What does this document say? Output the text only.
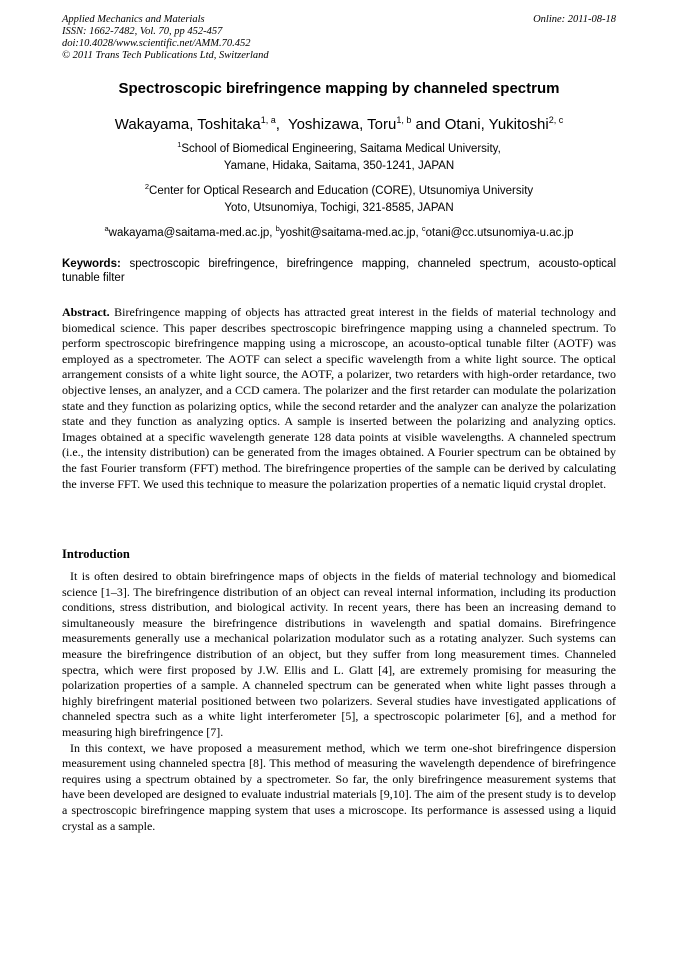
Applied Mechanics and Materials
ISSN: 1662-7482, Vol. 70, pp 452-457
doi:10.4028/www.scientific.net/AMM.70.452
© 2011 Trans Tech Publications Ltd, Switzerland
Online: 2011-08-18
Spectroscopic birefringence mapping by channeled spectrum
Wakayama, Toshitaka$^{1, a}$,  Yoshizawa, Toru$^{1, b}$ and Otani, Yukitoshi$^{2, c}$
$^1$School of Biomedical Engineering, Saitama Medical University,
Yamane, Hidaka, Saitama, 350-1241, JAPAN
$^2$Center for Optical Research and Education (CORE), Utsunomiya University
Yoto, Utsunomiya, Tochigi, 321-8585, JAPAN
$^a$wakayama@saitama-med.ac.jp, $^b$yoshit@saitama-med.ac.jp, $^c$otani@cc.utsunomiya-u.ac.jp
Keywords: spectroscopic birefringence, birefringence mapping, channeled spectrum, acousto-optical tunable filter

Abstract. Birefringence mapping of objects has attracted great interest in the fields of material technology and biomedical science. This paper describes spectroscopic birefringence mapping using a channeled spectrum. To perform spectroscopic birefringence mapping using a microscope, an acousto-optical tunable filter (AOTF) was employed as a spectrometer. The AOTF can select a specific wavelength from a white light source. The optical arrangement consists of a white light source, the AOTF, a polarizer, two retarders with high-order retardance, two objective lenses, an analyzer, and a CCD camera. The polarizer and the first retarder can modulate the polarization state and they function as polarizing optics, while the second retarder and the analyzer can analyze the polarization state and they function as analyzing optics. A sample is inserted between the polarizing and analyzing optics. Images obtained at a specific wavelength generate 128 data points at visible wavelengths. A channeled spectrum (i.e., the intensity distribution) can be generated from the images obtained. A Fourier spectrum can be obtained by the fast Fourier transform (FFT) method. The birefringence properties of the sample can be derived by calculating the inverse FFT. We used this technique to measure the polarization properties of a nematic liquid crystal droplet.

Introduction

It is often desired to obtain birefringence maps of objects in the fields of material technology and biomedical science [1–3]. The birefringence distribution of an object can reveal internal information, including its production conditions, stress distribution, and biological activity. In recent years, there has been an increasing demand to simultaneously measure the birefringence distributions in wavelength and spatial domains. Birefringence measurements generally use a mechanical polarization modulator such as a rotating analyzer. Such systems can measure the birefringence distribution of an object, but they suffer from long measurement times. Channeled spectra, which were first proposed by J.W. Ellis and L. Glatt [4], are extremely promising for measuring the polarization properties of a sample. A channeled spectrum can be generated when white light passes through a highly birefringent material positioned between two polarizers. Several studies have investigated applications of channeled spectra such as a white light interferometer [5], a spectroscopic polarimeter [6], and a method for measuring high birefringence [7].

In this context, we have proposed a measurement method, which we term one-shot birefringence dispersion measurement using channeled spectra [8]. This method of measuring the wavelength dependence of birefringence requires using a spectrum obtained by a spectrometer. So far, the only birefringence measurement systems that have been developed are designed to evaluate industrial materials [9,10]. The aim of the present study is to develop a spectroscopic birefringence mapping system that uses a microscope. Its performance is assessed using a liquid crystal as a sample.
